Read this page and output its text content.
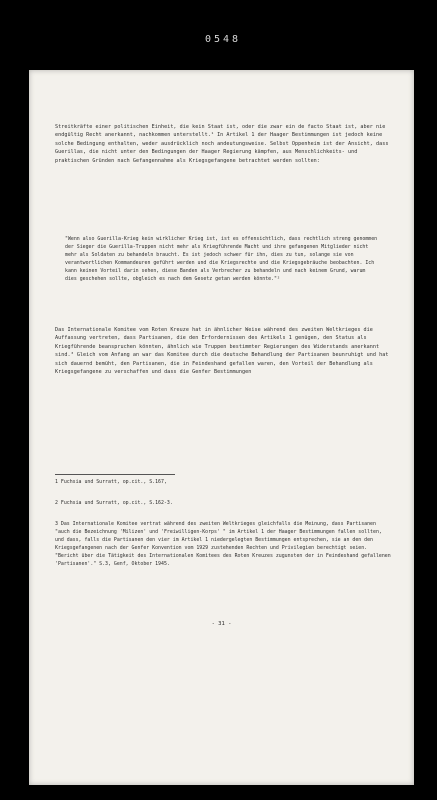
0548

Streitkräfte einer politischen Einheit, die kein Staat ist, oder die zwar ein de facto Staat ist, aber nie endgültig Recht anerkannt, nachkommen unterstellt.¹ In Artikel 1 der Haager Bestimmungen ist jedoch keine solche Bedingung enthalten, weder ausdrücklich noch andeutungsweise. Selbst Oppenheim ist der Ansicht, dass Guerillas, die nicht unter den Bedingungen der Haager Regierung kämpfen, aus Menschlichkeits- und praktischen Gründen nach Gefangennahme als Kriegsgefangene betrachtet werden sollten:

"Wenn also Guerilla-Krieg kein wirklicher Krieg ist, ist es offensichtlich, dass rechtlich streng genommen der Sieger die Guerilla-Truppen nicht mehr als Kriegführende Macht und ihre gefangenen Mitglieder nicht mehr als Soldaten zu behandeln braucht. Es ist jedoch schwer für ihn, dies zu tun, solange sie von verantwortlichen Kommandeuren geführt werden und die Kriegsrechte und die Kriegsgebräuche beobachten. Ich kann keinen Vorteil darin sehen, diese Banden als Verbrecher zu behandeln und nach keinem Grund, warum dies geschehen sollte, obgleich es nach dem Gesetz getan werden könnte."²

Das Internationale Komitee vom Roten Kreuze hat in ähnlicher Weise während des zweiten Weltkrieges die Auffassung vertreten, dass Partisanen, die den Erfordernissen des Artikels 1 genügen, den Status als Kriegführende beanspruchen könnten, ähnlich wie Truppen bestimmter Regierungen des Widerstands anerkannt sind.³ Gleich vom Anfang an war das Komitee durch die deutsche Behandlung der Partisanen beunruhigt und hat sich dauernd bemüht, den Partisanen, die in Feindeshand gefallen waren, den Vorteil der Behandlung als Kriegsgefangene zu verschaffen und dass die Genfer Bestimmungen

1 Fuchsia und Surratt, op.cit., S.167,

2 Fuchsia und Surratt, op.cit., S.162-3.

3 Das Internationale Komitee vertrat während des zweiten Weltkrieges gleichfalls die Meinung, dass Partisanen "auch die Bezeichnung 'Milizen' und 'Freiwilligen-Korps' " im Artikel 1 der Haager Bestimmungen fallen sollten, und dass, falls die Partisanen den vier im Artikel 1 niedergelegten Bestimmungen entsprechen, sie an den den Kriegsgefangenen nach der Genfer Konvention vom 1929 zustehenden Rechten und Privilegien berechtigt seien. "Bericht über die Tätigkeit des Internationalen Komitees des Roten Kreuzes zugunsten der in Feindeshand gefallenen 'Partisanen'." S.3, Genf, Oktober 1945.

- 31 -
